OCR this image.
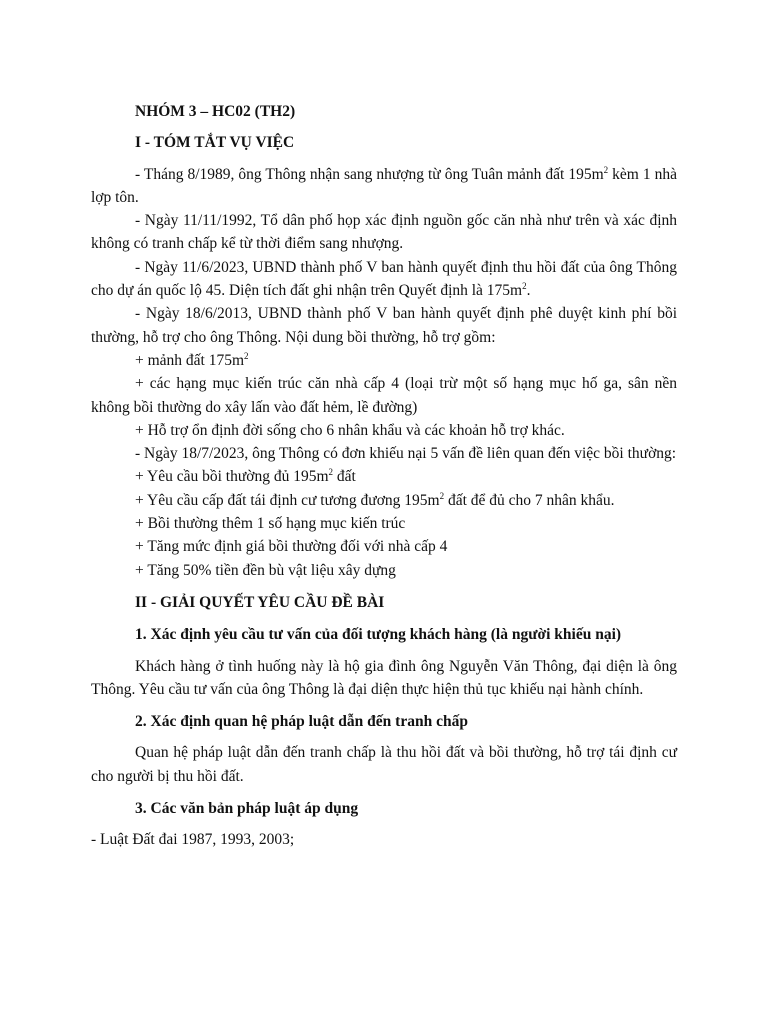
NHÓM 3 – HC02 (TH2)

I - TÓM TẮT VỤ VIỆC

- Tháng 8/1989, ông Thông nhận sang nhượng từ ông Tuân mảnh đất $195m^2$ kèm 1 nhà lợp tôn.

- Ngày 11/11/1992, Tổ dân phố họp xác định nguồn gốc căn nhà như trên và xác định không có tranh chấp kể từ thời điểm sang nhượng.

- Ngày 11/6/2023, UBND thành phố V ban hành quyết định thu hồi đất của ông Thông cho dự án quốc lộ 45. Diện tích đất ghi nhận trên Quyết định là $175m^2$.

- Ngày 18/6/2013, UBND thành phố V ban hành quyết định phê duyệt kinh phí bồi thường, hỗ trợ cho ông Thông. Nội dung bồi thường, hỗ trợ gồm:

+ mảnh đất $175m^2$

+ các hạng mục kiến trúc căn nhà cấp 4 (loại trừ một số hạng mục hố ga, sân nền không bồi thường do xây lấn vào đất hẻm, lề đường)

+ Hỗ trợ ổn định đời sống cho 6 nhân khẩu và các khoản hỗ trợ khác.

- Ngày 18/7/2023, ông Thông có đơn khiếu nại 5 vấn đề liên quan đến việc bồi thường:

+ Yêu cầu bồi thường đủ $195m^2$ đất

+ Yêu cầu cấp đất tái định cư tương đương $195m^2$ đất để đủ cho 7 nhân khẩu.

+ Bồi thường thêm 1 số hạng mục kiến trúc

+ Tăng mức định giá bồi thường đối với nhà cấp 4

+ Tăng 50% tiền đền bù vật liệu xây dựng

II - GIẢI QUYẾT YÊU CẦU ĐỀ BÀI

1. Xác định yêu cầu tư vấn của đối tượng khách hàng (là người khiếu nại)

Khách hàng ở tình huống này là hộ gia đình ông Nguyễn Văn Thông, đại diện là ông Thông. Yêu cầu tư vấn của ông Thông là đại diện thực hiện thủ tục khiếu nại hành chính.

2. Xác định quan hệ pháp luật dẫn đến tranh chấp

Quan hệ pháp luật dẫn đến tranh chấp là thu hồi đất và bồi thường, hỗ trợ tái định cư cho người bị thu hồi đất.

3. Các văn bản pháp luật áp dụng

- Luật Đất đai 1987, 1993, 2003;
